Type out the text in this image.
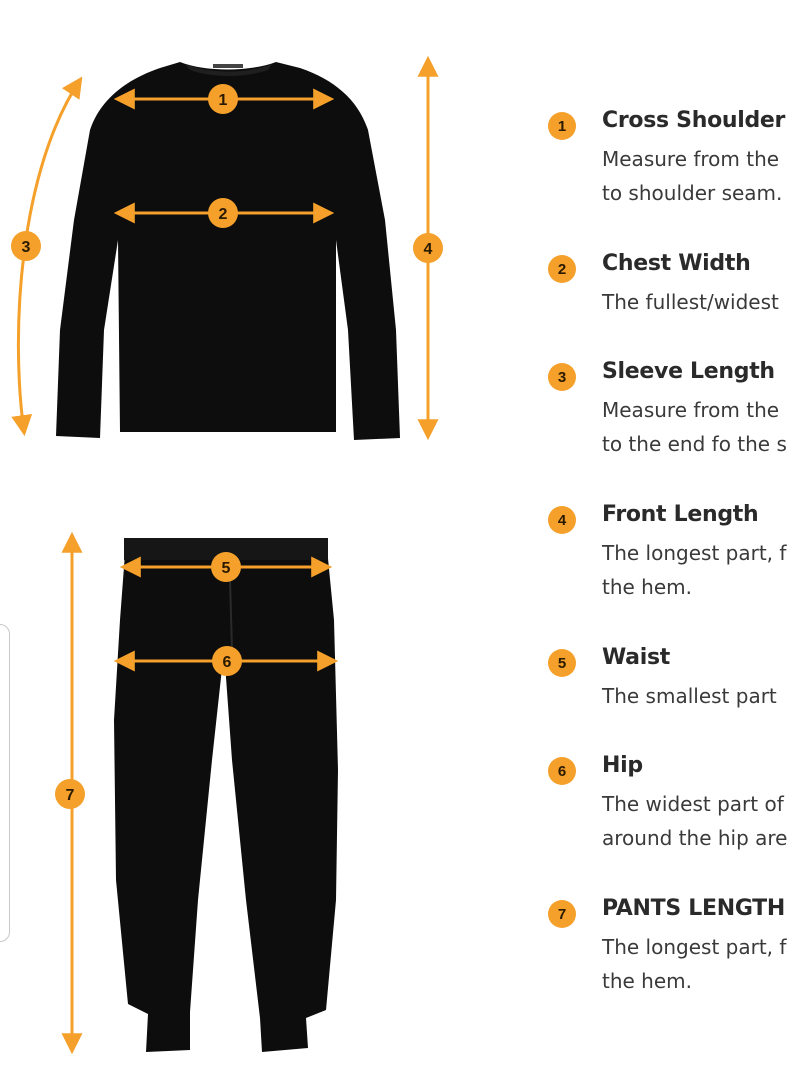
1
2
3	4
5
6
7
1	Cross Shoulder
Measure from the
to shoulder seam.
2	Chest Width
The fullest/widest
3	Sleeve Length
Measure from the
to the end fo the s
4	Front Length
The longest part, f
the hem.
5	Waist
The smallest part
6	Hip
The widest part of
around the hip are
7	PANTS LENGTH
The longest part, f
the hem.
